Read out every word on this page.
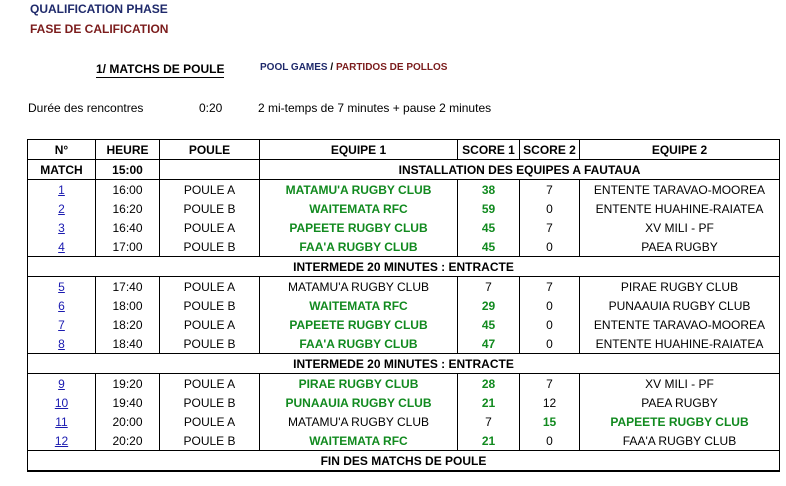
QUALIFICATION PHASE
FASE DE CALIFICATION
1/ MATCHS DE POULE	POOL GAMES / PARTIDOS DE POLLOS
Durée des rencontres	0:20	2 mi-temps de 7 minutes + pause 2 minutes
N°	HEURE	POULE	EQUIPE 1	SCORE 1	SCORE 2	EQUIPE 2
MATCH	15:00		INSTALLATION DES EQUIPES A FAUTAUA			
1	16:00	POULE A	MATAMU'A RUGBY CLUB	38	7	ENTENTE TARAVAO-MOOREA
2	16:20	POULE B	WAITEMATA RFC	59	0	ENTENTE HUAHINE-RAIATEA
3	16:40	POULE A	PAPEETE RUGBY CLUB	45	7	XV MILI - PF
4	17:00	POULE B	FAA'A RUGBY CLUB	45	0	PAEA RUGBY
INTERMEDE 20 MINUTES : ENTRACTE						
5	17:40	POULE A	MATAMU'A RUGBY CLUB	7	7	PIRAE RUGBY CLUB
6	18:00	POULE B	WAITEMATA RFC	29	0	PUNAAUIA RUGBY CLUB
7	18:20	POULE A	PAPEETE RUGBY CLUB	45	0	ENTENTE TARAVAO-MOOREA
8	18:40	POULE B	FAA'A RUGBY CLUB	47	0	ENTENTE HUAHINE-RAIATEA
INTERMEDE 20 MINUTES : ENTRACTE						
9	19:20	POULE A	PIRAE RUGBY CLUB	28	7	XV MILI - PF
10	19:40	POULE B	PUNAAUIA RUGBY CLUB	21	12	PAEA RUGBY
11	20:00	POULE A	MATAMU'A RUGBY CLUB	7	15	PAPEETE RUGBY CLUB
12	20:20	POULE B	WAITEMATA RFC	21	0	FAA'A RUGBY CLUB
FIN DES MATCHS DE POULE						
